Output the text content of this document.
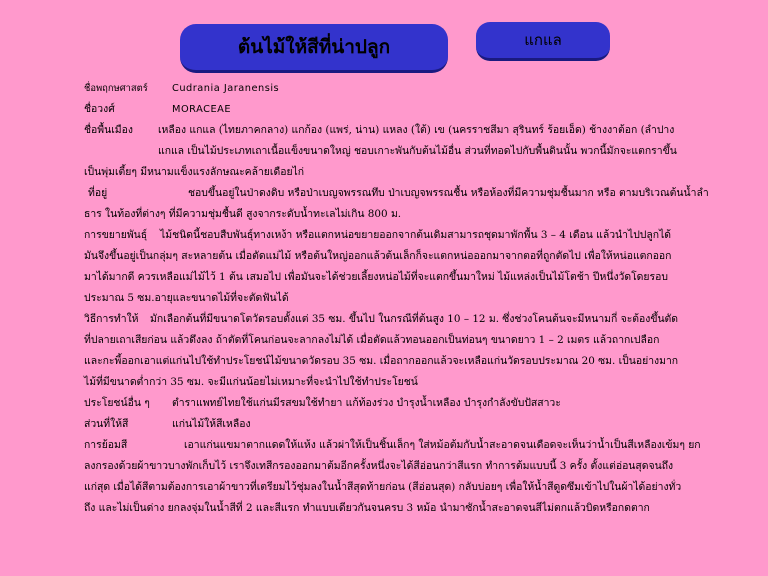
ต้นไม้ให้สีที่น่าปลูก	แกแล
ชื่อพฤกษศาสตร์	Cudrania Jaranensis
ชื่อวงศ์	MORACEAE
ชื่อพื้นเมือง	เหลือง แกแล (ไทยภาคกลาง) แกก้อง (แพร่, น่าน) แหลง (ใต้) เข (นครราชสีมา สุรินทร์ ร้อยเอ็ด) ช้างงาต้อก (ลำปาง
แกแล เป็นไม้ประเภทเถาเนื้อแข็งขนาดใหญ่ ชอบเกาะพันกับต้นไม้อื่น ส่วนที่ทอดไปกับพื้นดินนั้น พวกนี้มักจะแตกราขึ้น
เป็นพุ่มเตี้ยๆ มีหนามแข็งแรงลักษณะคล้ายเดือยไก่
ที่อยู่	ชอบขึ้นอยู่ในป่าดงดิบ หรือป่าเบญจพรรณทึบ ป่าเบญจพรรณชื้น หรือห้องที่มีความชุ่มชื้นมาก หรือ ตามบริเวณต้นน้ำลำ
ธาร ในท้องที่ต่างๆ ที่มีความชุ่มชื้นดี สูงจากระดับน้ำทะเลไม่เกิน 800 ม.
การขยายพันธุ์	ไม้ชนิดนี้ชอบสืบพันธุ์ทางเหง้า หรือแตกหน่อขยายออกจากต้นเดิมสามารถชุดมาพักพื้น 3 – 4 เดือน แล้วนำไปปลูกได้
มันจึงขึ้นอยู่เป็นกลุ่มๆ สะหลายต้น เมื่อตัดแม่ไม้ หรือต้นใหญ่ออกแล้วต้นเล็กก็จะแตกหน่อออกมาจากตอที่ถูกตัดไป เพื่อให้หน่อแตกออก
มาได้มากดี ควรเหลือแม่ไม้ไว้ 1 ต้น เสมอไป เพื่อมันจะได้ช่วยเลี้ยงหน่อไม้ที่จะแตกขึ้นมาใหม่ ไม้แหล่งเป็นไม้โตช้า ปีหนึ่งวัดโดยรอบ
ประมาณ 5 ซม.อายุและขนาดไม้ที่จะตัดฟันได้
วิธีการทำให้	มักเลือกต้นที่มีขนาดโตวัดรอบตั้งแต่ 35 ซม. ขึ้นไป ในกรณีที่ต้นสูง 10 – 12 ม. ซึ่งช่วงโคนต้นจะมีหนามกี่ จะต้องขึ้นตัด
ที่ปลายเถาเสียก่อน แล้วดึงลง ถ้าตัดที่โคนก่อนจะลากลงไม่ได้ เมื่อตัดแล้วทอนออกเป็นท่อนๆ ขนาดยาว 1 – 2 เมตร แล้วถากเปลือก
และกะพี้ออกเอาแต่แก่นไปใช้ทำประโยชน์ไม้ขนาดวัดรอบ 35 ซม. เมื่อถากออกแล้วจะเหลือแก่นวัดรอบประมาณ 20 ซม. เป็นอย่างมาก
ไม้ที่มีขนาดต่ำกว่า 35 ซม. จะมีแก่นน้อยไม่เหมาะที่จะนำไปใช้ทำประโยชน์
ประโยชน์อื่น ๆ	ตำราแพทย์ไทยใช้แก่นมีรสขมใช้ทำยา แก้ท้องร่วง บำรุงน้ำเหลือง บำรุงกำลังขับปัสสาวะ
ส่วนที่ให้สี	แก่นไม้ให้สีเหลือง
การย้อมสี	เอาแก่นแขมาตากแดดให้แห้ง แล้วผ่าให้เป็นชิ้นเล็กๆ ใส่หม้อต้มกับน้ำสะอาดจนเดือดจะเห็นว่าน้ำเป็นสีเหลืองเข้มๆ ยก
ลงกรองด้วยผ้าขาวบางพักเก็บไว้ เราจึงเทสีกรองออกมาต้มอีกครั้งหนึ่งจะได้สีอ่อนกว่าสีแรก ทำการต้มแบบนี้ 3 ครั้ง ตั้งแต่อ่อนสุดจนถึง
แก่สุด เมื่อได้สีตามต้องการเอาผ้าขาวที่เตรียมไว้ชุ่มลงในน้ำสีสุดท้ายก่อน (สีอ่อนสุด) กลับบ่อยๆ เพื่อให้น้ำสีดูดซึมเข้าไปในผ้าได้อย่างทั่ว
ถึง และไม่เป็นด่าง ยกลงจุ่มในน้ำสีที่ 2 และสีแรก ทำแบบเดียวกันจนครบ 3 หม้อ นำมาซักน้ำสะอาดจนสีไม่ตกแล้วบิดหรือกดตาก
